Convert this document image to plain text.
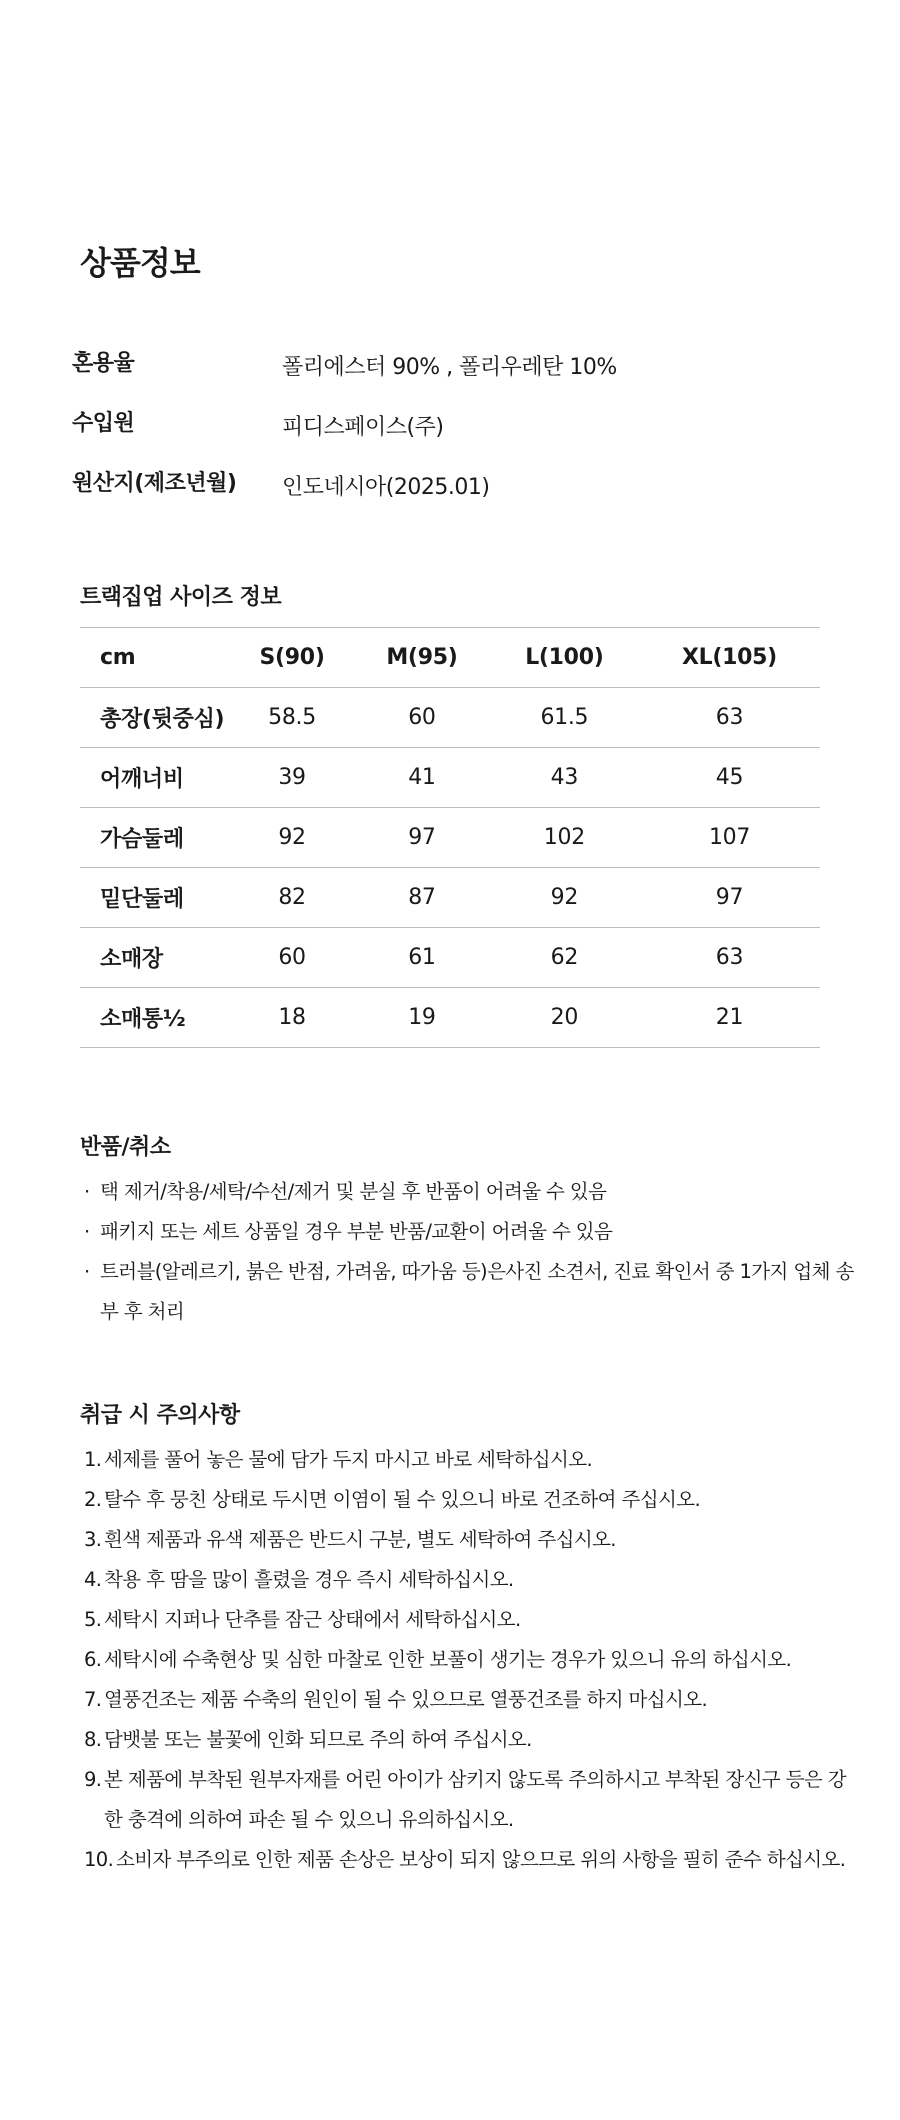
상품정보
혼용율	폴리에스터 90% , 폴리우레탄 10%
수입원	피디스페이스(주)
원산지(제조년월) 인도네시아(2025.01)
트랙집업 사이즈 정보
cm	S(90)	M(95)	L(100)	XL(105)
총장(뒷중심)	58.5	60	61.5	63
어깨너비	39	41	43	45
가슴둘레	92	97	102	107
밑단둘레	82	87	92	97
소매장	60	61	62	63
소매통½	18	19	20	21
반품/취소
· 택 제거/착용/세탁/수선/제거 및 분실 후 반품이 어려울 수 있음
· 패키지 또는 세트 상품일 경우 부분 반품/교환이 어려울 수 있음
· 트러블(알레르기, 붉은 반점, 가려움, 따가움 등)은사진 소견서, 진료 확인서 중 1가지 업체 송부 후 처리
취급 시 주의사항
1. 세제를 풀어 놓은 물에 담가 두지 마시고 바로 세탁하십시오.
2. 탈수 후 뭉친 상태로 두시면 이염이 될 수 있으니 바로 건조하여 주십시오.
3. 흰색 제품과 유색 제품은 반드시 구분, 별도 세탁하여 주십시오.
4. 착용 후 땀을 많이 흘렸을 경우 즉시 세탁하십시오.
5. 세탁시 지퍼나 단추를 잠근 상태에서 세탁하십시오.
6. 세탁시에 수축현상 및 심한 마찰로 인한 보풀이 생기는 경우가 있으니 유의 하십시오.
7. 열풍건조는 제품 수축의 원인이 될 수 있으므로 열풍건조를 하지 마십시오.
8. 담뱃불 또는 불꽃에 인화 되므로 주의 하여 주십시오.
9. 본 제품에 부착된 원부자재를 어린 아이가 삼키지 않도록 주의하시고 부착된 장신구 등은 강한 충격에 의하여 파손 될 수 있으니 유의하십시오.
10. 소비자 부주의로 인한 제품 손상은 보상이 되지 않으므로 위의 사항을 필히 준수 하십시오.
